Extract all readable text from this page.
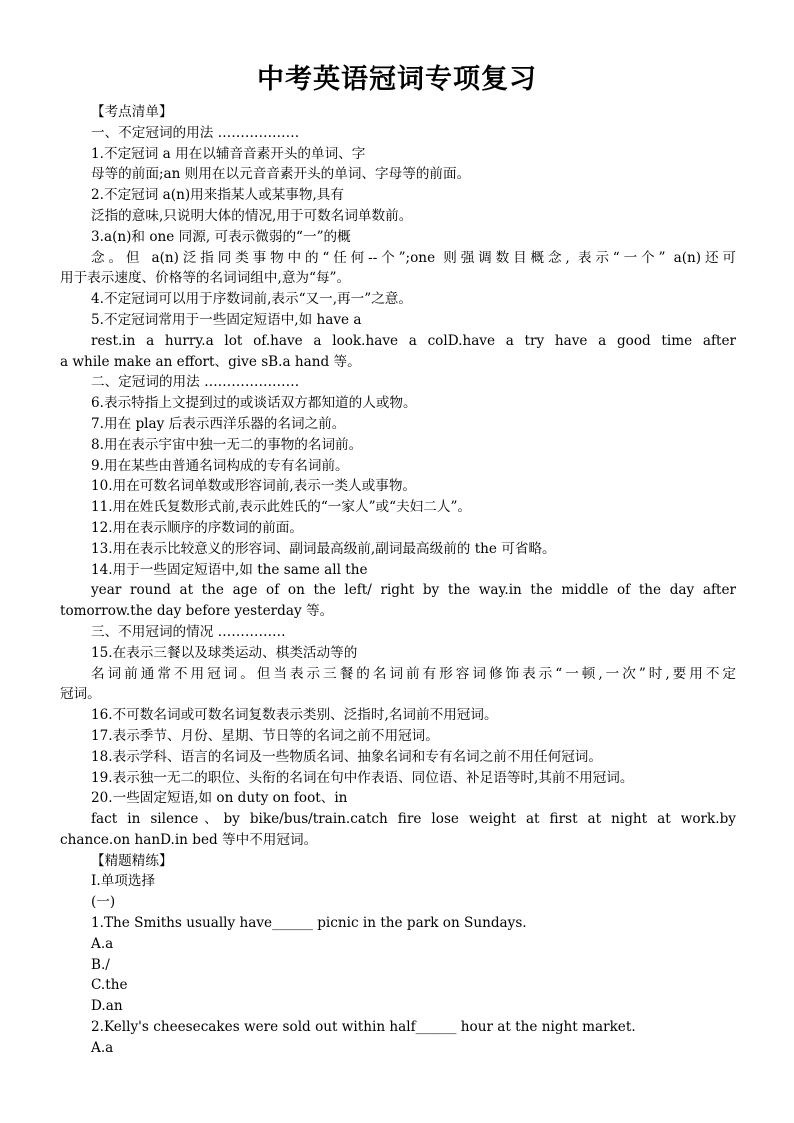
中考英语冠词专项复习
【考点清单】
一、不定冠词的用法 ………………
1.不定冠词 a 用在以辅音音素开头的单词、字
母等的前面;an 则用在以元音音素开头的单词、字母等的前面。
2.不定冠词 a(n)用来指某人或某事物,具有
泛指的意味,只说明大体的情况,用于可数名词单数前。
3.a(n)和 one 同源, 可表示微弱的“一”的概
念。但 a(n)泛指同类事物中的“任何--个”;one 则强调数目概念, 表示“一个” a(n)还可
用于表示速度、价格等的名词词组中,意为“每”。
4.不定冠词可以用于序数词前,表示“又一,再一”之意。
5.不定冠词常用于一些固定短语中,如 have a
rest.in a hurry.a lot of.have a look.have a colD.have a try have a good time after
a while make an effort、give sB.a hand 等。
二、定冠词的用法 …………………
6.表示特指上文提到过的或谈话双方都知道的人或物。
7.用在 play 后表示西洋乐器的名词之前。
8.用在表示宇宙中独一无二的事物的名词前。
9.用在某些由普通名词构成的专有名词前。
10.用在可数名词单数或形容词前,表示一类人或事物。
11.用在姓氏复数形式前,表示此姓氏的“一家人”或“夫妇二人”。
12.用在表示顺序的序数词的前面。
13.用在表示比较意义的形容词、副词最高级前,副词最高级前的 the 可省略。
14.用于一些固定短语中,如 the same all the
year round at the age of on the left/ right by the way.in the middle of the day after
tomorrow.the day before yesterday 等。
三、不用冠词的情况 ……………
15.在表示三餐以及球类运动、棋类活动等的
名词前通常不用冠词。但当表示三餐的名词前有形容词修饰表示“一顿,一次”时,要用不定
冠词。
16.不可数名词或可数名词复数表示类别、泛指时,名词前不用冠词。
17.表示季节、月份、星期、节日等的名词之前不用冠词。
18.表示学科、语言的名词及一些物质名词、抽象名词和专有名词之前不用任何冠词。
19.表示独一无二的职位、头衔的名词在句中作表语、同位语、补足语等时,其前不用冠词。
20.一些固定短语,如 on duty on foot、in
fact in silence、by bike/bus/train.catch fire lose weight at first at night at work.by
chance.on hanD.in bed 等中不用冠词。
【精题精练】
I.单项选择
(一)
1.The Smiths usually have______ picnic in the park on Sundays.
A.a
B./
C.the
D.an
2.Kelly's cheesecakes were sold out within half______ hour at the night market.
A.a
